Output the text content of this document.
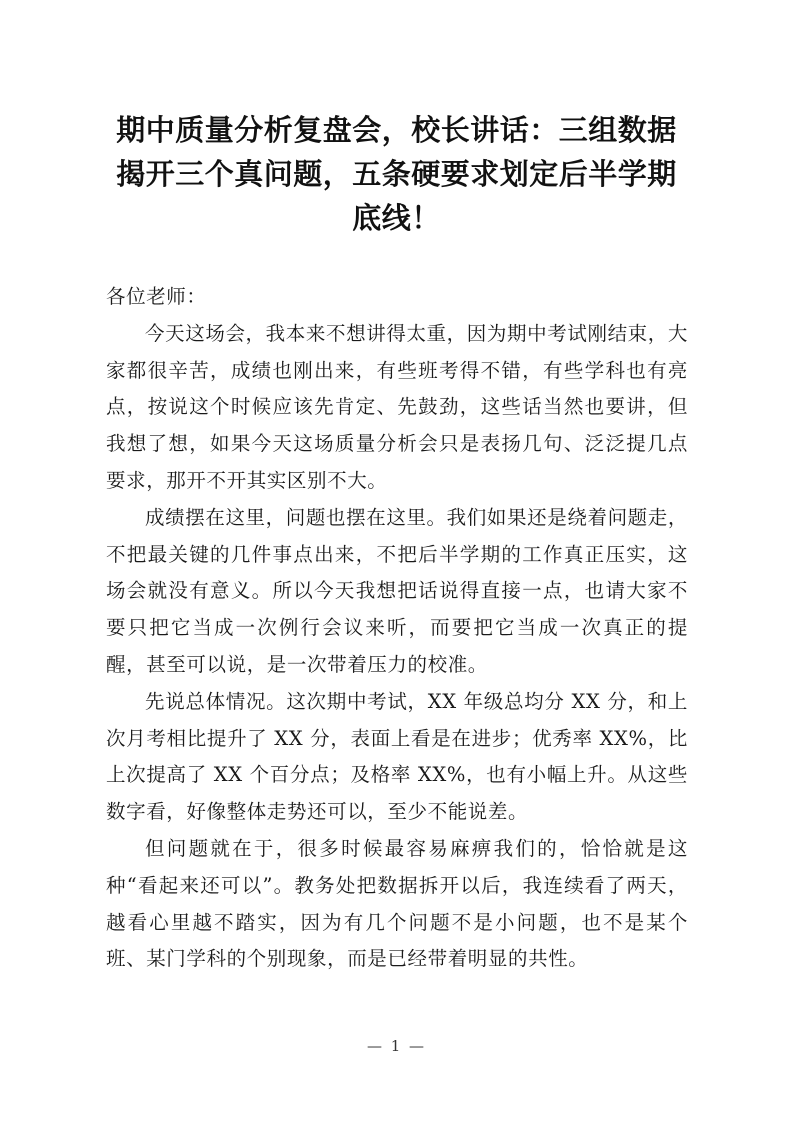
期中质量分析复盘会，校长讲话：三组数据揭开三个真问题，五条硬要求划定后半学期底线！

各位老师：

今天这场会，我本来不想讲得太重，因为期中考试刚结束，大家都很辛苦，成绩也刚出来，有些班考得不错，有些学科也有亮点，按说这个时候应该先肯定、先鼓劲，这些话当然也要讲，但我想了想，如果今天这场质量分析会只是表扬几句、泛泛提几点要求，那开不开其实区别不大。

成绩摆在这里，问题也摆在这里。我们如果还是绕着问题走，不把最关键的几件事点出来，不把后半学期的工作真正压实，这场会就没有意义。所以今天我想把话说得直接一点，也请大家不要只把它当成一次例行会议来听，而要把它当成一次真正的提醒，甚至可以说，是一次带着压力的校准。

先说总体情况。这次期中考试，XX 年级总均分 XX 分，和上次月考相比提升了 XX 分，表面上看是在进步；优秀率 XX%，比上次提高了 XX 个百分点；及格率 XX%，也有小幅上升。从这些数字看，好像整体走势还可以，至少不能说差。

但问题就在于，很多时候最容易麻痹我们的，恰恰就是这种“看起来还可以”。教务处把数据拆开以后，我连续看了两天，越看心里越不踏实，因为有几个问题不是小问题，也不是某个班、某门学科的个别现象，而是已经带着明显的共性。

— 1 —
